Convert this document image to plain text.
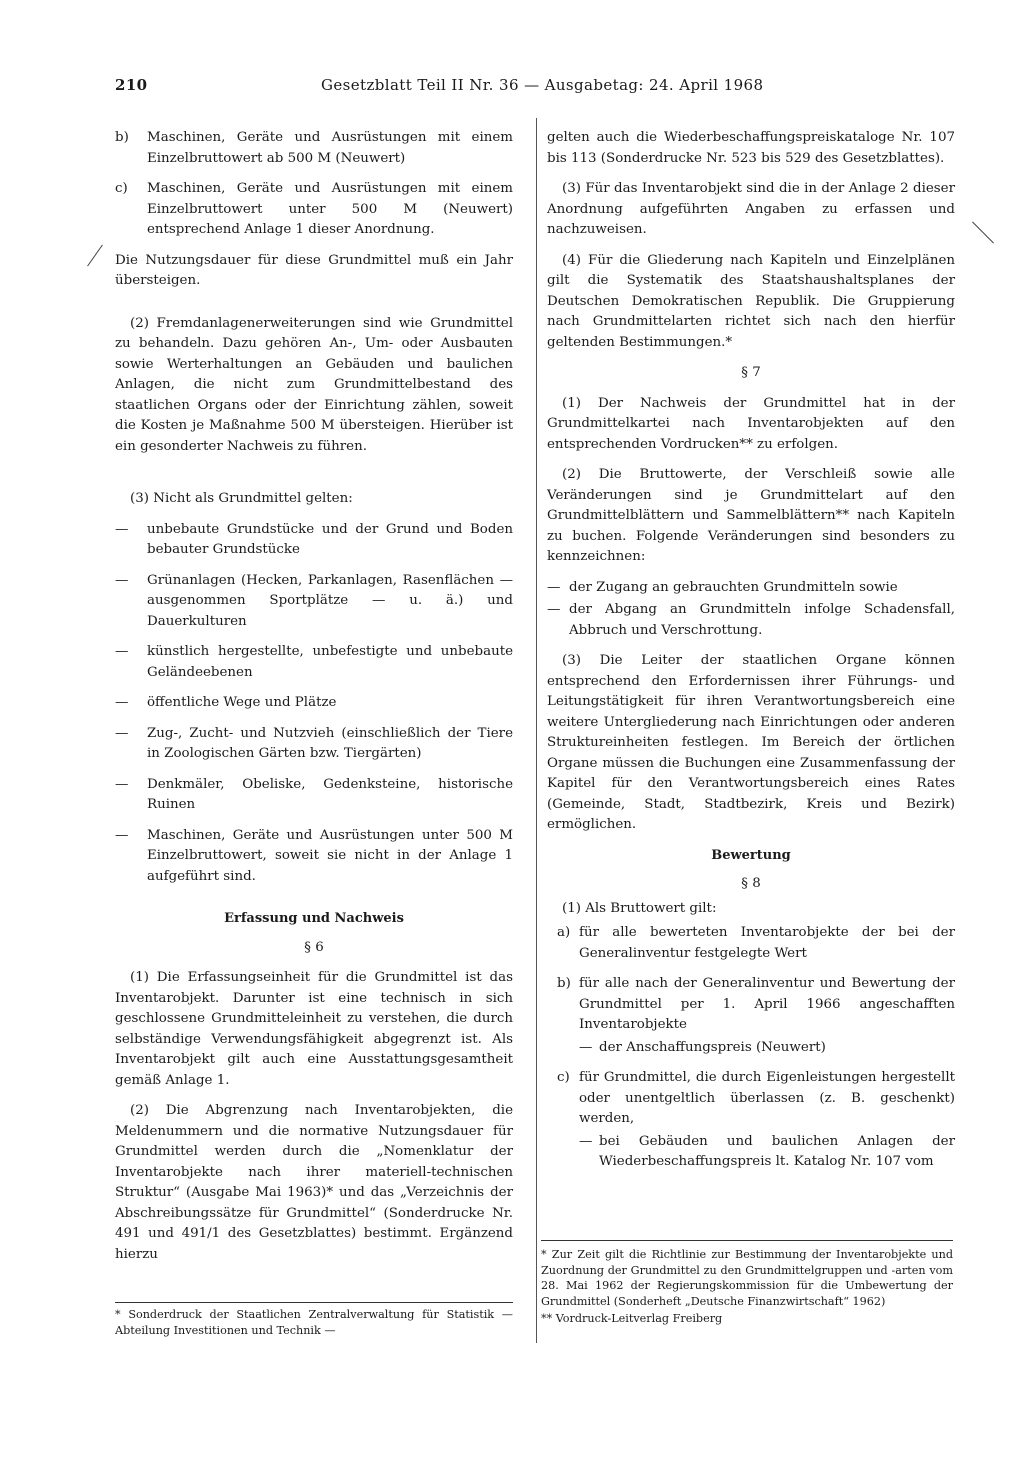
210	Gesetzblatt Teil II Nr. 36 — Ausgabetag: 24. April 1968
b) Maschinen, Geräte und Ausrüstungen mit einem Einzelbruttowert ab 500 M (Neuwert)
c) Maschinen, Geräte und Ausrüstungen mit einem Einzelbruttowert unter 500 M (Neuwert) entsprechend Anlage 1 dieser Anordnung.

Die Nutzungsdauer für diese Grundmittel muß ein Jahr übersteigen.

(2) Fremdanlagenerweiterungen sind wie Grundmittel zu behandeln. Dazu gehören An-, Um- oder Ausbauten sowie Werterhaltungen an Gebäuden und baulichen Anlagen, die nicht zum Grundmittelbestand des staatlichen Organs oder der Einrichtung zählen, soweit die Kosten je Maßnahme 500 M übersteigen. Hierüber ist ein gesonderter Nachweis zu führen.

(3) Nicht als Grundmittel gelten:

— unbebaute Grundstücke und der Grund und Boden bebauter Grundstücke
— Grünanlagen (Hecken, Parkanlagen, Rasenflächen — ausgenommen Sportplätze — u. ä.) und Dauerkulturen
— künstlich hergestellte, unbefestigte und unbebaute Geländeebenen
— öffentliche Wege und Plätze
— Zug-, Zucht- und Nutzvieh (einschließlich der Tiere in Zoologischen Gärten bzw. Tiergärten)
— Denkmäler, Obeliske, Gedenksteine, historische Ruinen
— Maschinen, Geräte und Ausrüstungen unter 500 M Einzelbruttowert, soweit sie nicht in der Anlage 1 aufgeführt sind.
Erfassung und Nachweis
§ 6

(1) Die Erfassungseinheit für die Grundmittel ist das Inventarobjekt. Darunter ist eine technisch in sich geschlossene Grundmitteleinheit zu verstehen, die durch selbständige Verwendungsfähigkeit abgegrenzt ist. Als Inventarobjekt gilt auch eine Ausstattungsgesamtheit gemäß Anlage 1.

(2) Die Abgrenzung nach Inventarobjekten, die Meldenummern und die normative Nutzungsdauer für Grundmittel werden durch die „Nomenklatur der Inventarobjekte nach ihrer materiell-technischen Struktur“ (Ausgabe Mai 1963)* und das „Verzeichnis der Abschreibungssätze für Grundmittel“ (Sonderdrucke Nr. 491 und 491/1 des Gesetzblattes) bestimmt. Ergänzend hierzu

* Sonderdruck der Staatlichen Zentralverwaltung für Statistik — Abteilung Investitionen und Technik —

gelten auch die Wiederbeschaffungspreiskataloge Nr. 107 bis 113 (Sonderdrucke Nr. 523 bis 529 des Gesetzblattes).

(3) Für das Inventarobjekt sind die in der Anlage 2 dieser Anordnung aufgeführten Angaben zu erfassen und nachzuweisen.

(4) Für die Gliederung nach Kapiteln und Einzelplänen gilt die Systematik des Staatshaushaltsplanes der Deutschen Demokratischen Republik. Die Gruppierung nach Grundmittelarten richtet sich nach den hierfür geltenden Bestimmungen.*

§ 7

(1) Der Nachweis der Grundmittel hat in der Grundmittelkartei nach Inventarobjekten auf den entsprechenden Vordrucken** zu erfolgen.

(2) Die Bruttowerte, der Verschleiß sowie alle Veränderungen sind je Grundmittelart auf den Grundmittelblättern und Sammelblättern** nach Kapiteln zu buchen. Folgende Veränderungen sind besonders zu kennzeichnen:

— der Zugang an gebrauchten Grundmitteln sowie
— der Abgang an Grundmitteln infolge Schadensfall, Abbruch und Verschrottung.

(3) Die Leiter der staatlichen Organe können entsprechend den Erfordernissen ihrer Führungs- und Leitungstätigkeit für ihren Verantwortungsbereich eine weitere Untergliederung nach Einrichtungen oder anderen Struktureinheiten festlegen. Im Bereich der örtlichen Organe müssen die Buchungen eine Zusammenfassung der Kapitel für den Verantwortungsbereich eines Rates (Gemeinde, Stadt, Stadtbezirk, Kreis und Bezirk) ermöglichen.

Bewertung
§ 8

(1) Als Bruttowert gilt:

a) für alle bewerteten Inventarobjekte der bei der Generalinventur festgelegte Wert
b) für alle nach der Generalinventur und Bewertung der Grundmittel per 1. April 1966 angeschafften Inventarobjekte
— der Anschaffungspreis (Neuwert)
c) für Grundmittel, die durch Eigenleistungen hergestellt oder unentgeltlich überlassen (z. B. geschenkt) werden,
— bei Gebäuden und baulichen Anlagen der Wiederbeschaffungspreis lt. Katalog Nr. 107 vom

* Zur Zeit gilt die Richtlinie zur Bestimmung der Inventarobjekte und Zuordnung der Grundmittel zu den Grundmittelgruppen und -arten vom 28. Mai 1962 der Regierungskommission für die Umbewertung der Grundmittel (Sonderheft „Deutsche Finanzwirtschaft“ 1962)

** Vordruck-Leitverlag Freiberg
